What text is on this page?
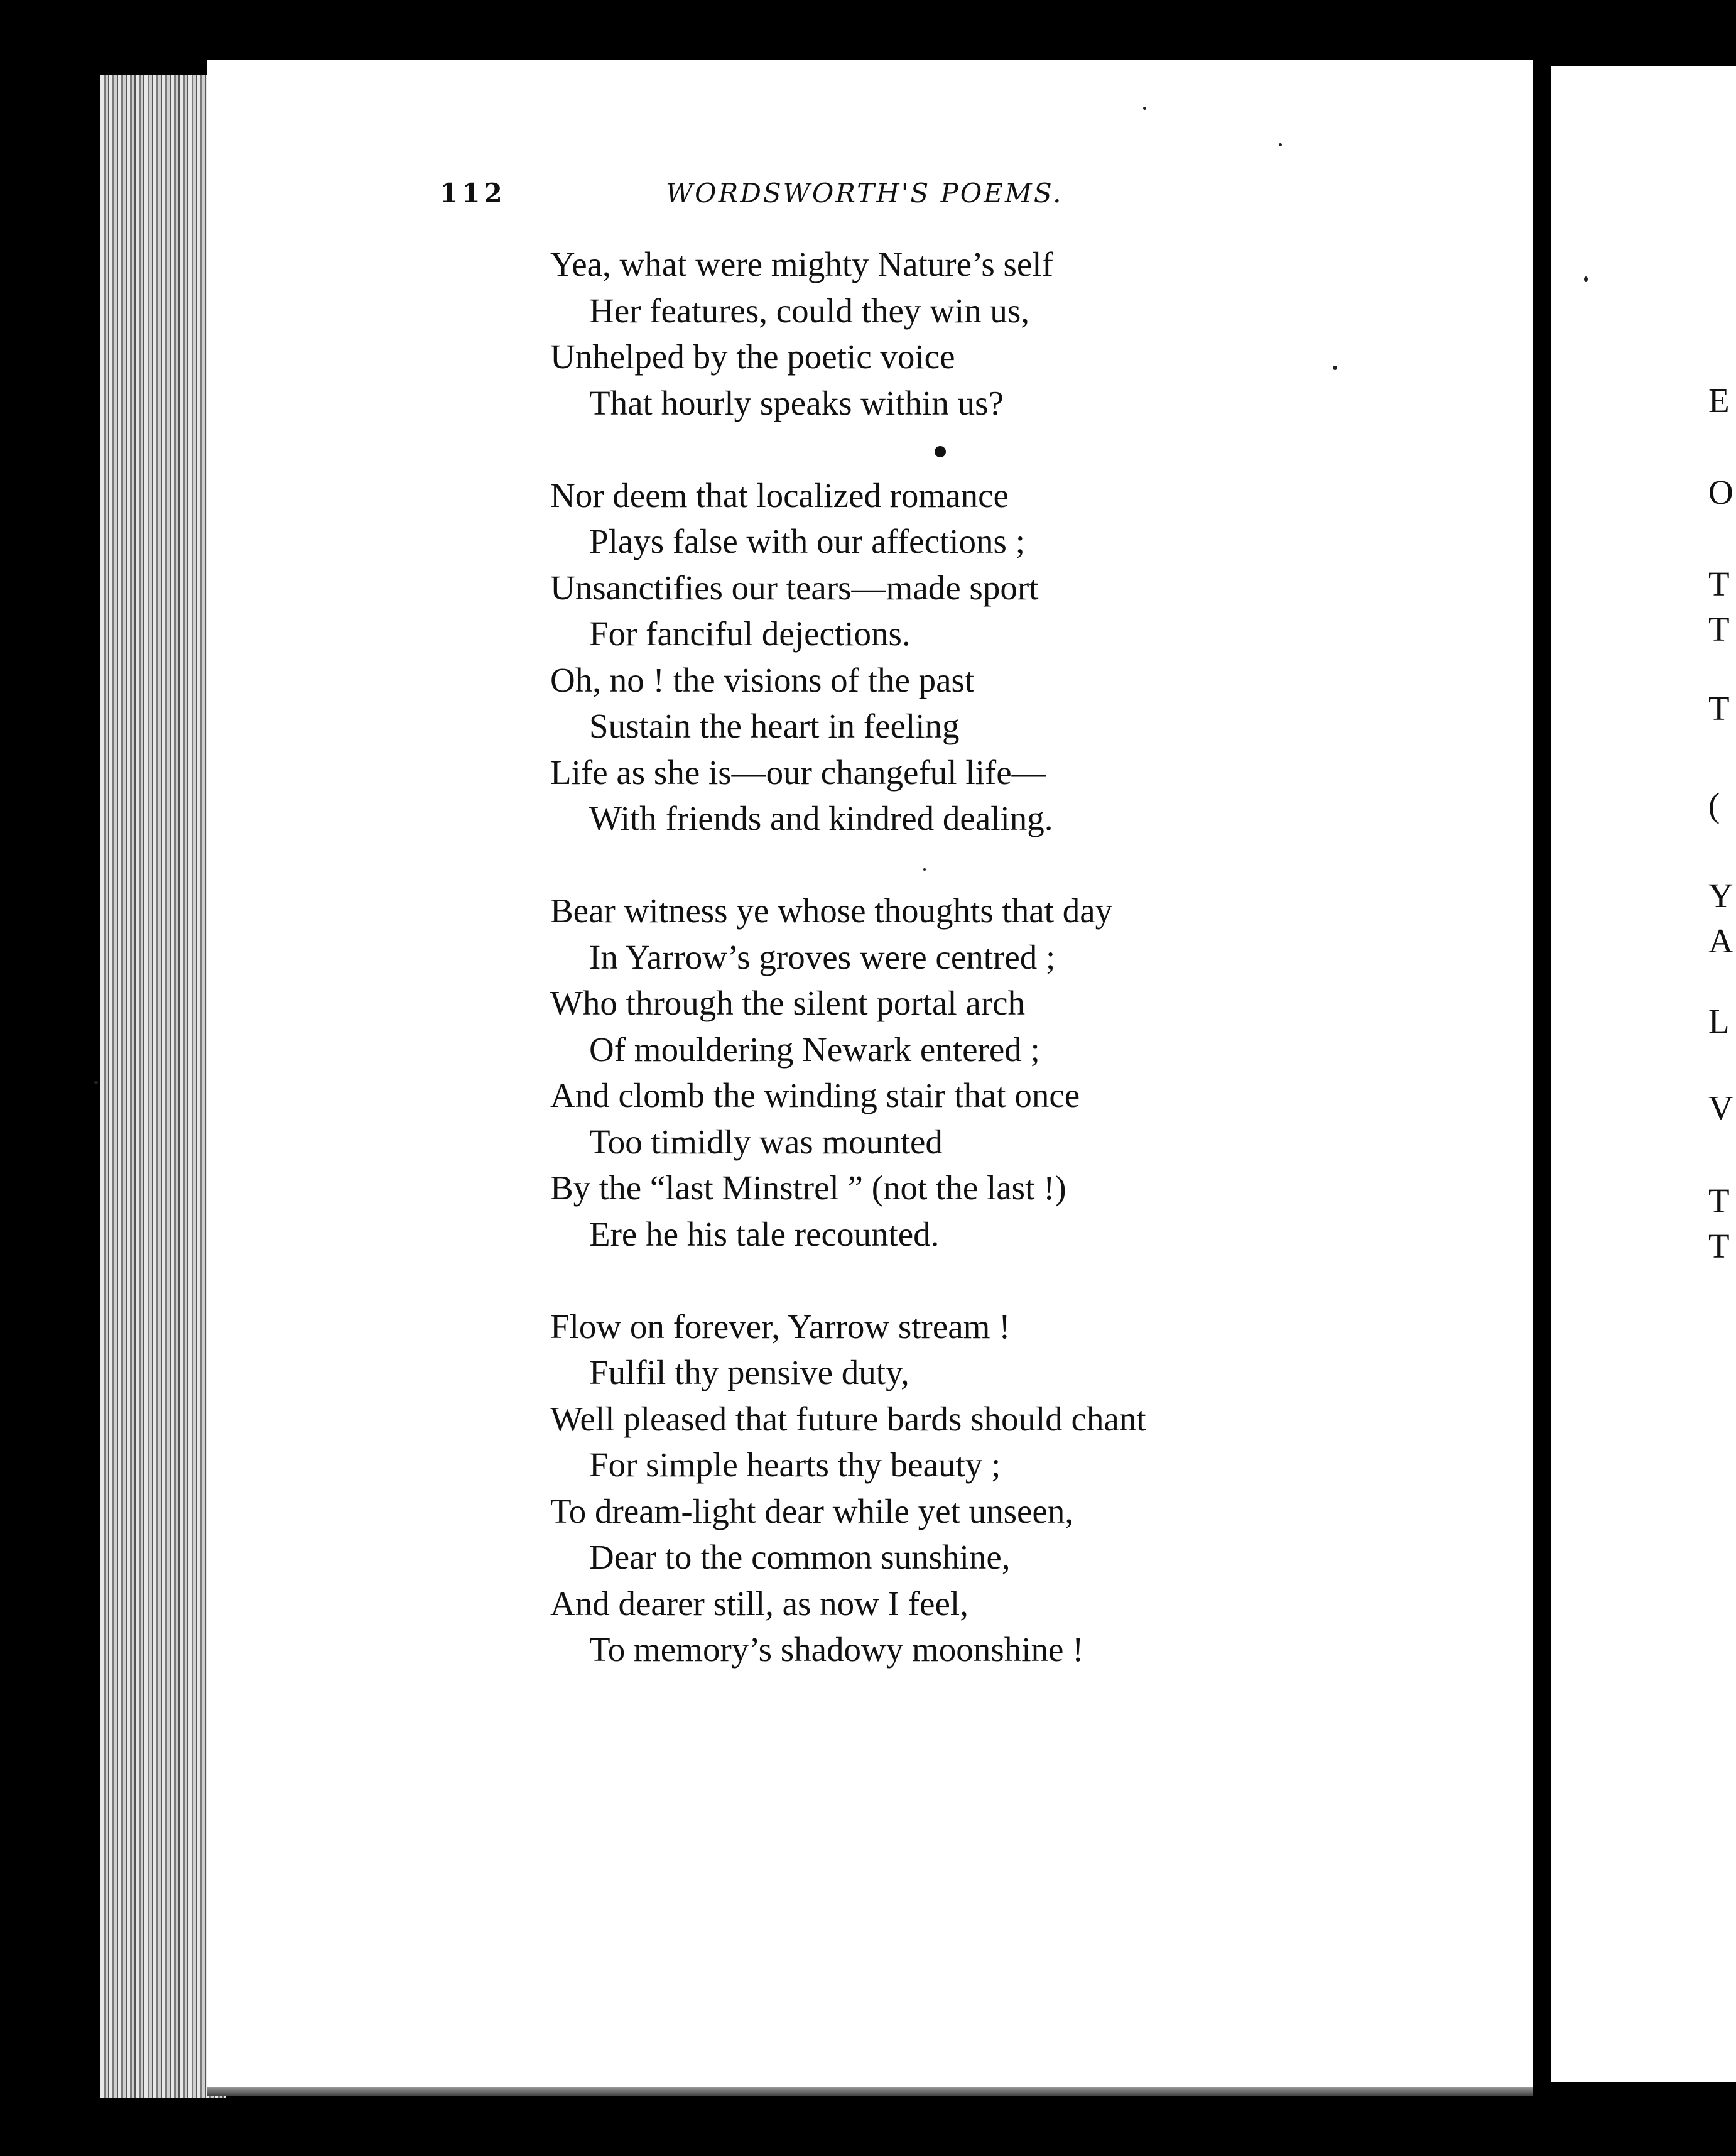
112	WORDSWORTH'S POEMS.
Yea, what were mighty Nature’s self
Her features, could they win us,
Unhelped by the poetic voice
That hourly speaks within us?
Nor deem that localized romance
Plays false with our affections ;
Unsanctifies our tears—made sport
For fanciful dejections.
Oh, no ! the visions of the past
Sustain the heart in feeling
Life as she is—our changeful life—
With friends and kindred dealing.
Bear witness ye whose thoughts that day
In Yarrow’s groves were centred ;
Who through the silent portal arch
Of mouldering Newark entered ;
And clomb the winding stair that once
Too timidly was mounted
By the “last Minstrel ” (not the last !)
Ere he his tale recounted.
Flow on forever, Yarrow stream !
Fulfil thy pensive duty,
Well pleased that future bards should chant
For simple hearts thy beauty ;
To dream-light dear while yet unseen,
Dear to the common sunshine,
And dearer still, as now I feel,
To memory’s shadowy moonshine !
E
O
T
T
T
(
Y
A
L
V
T
T
